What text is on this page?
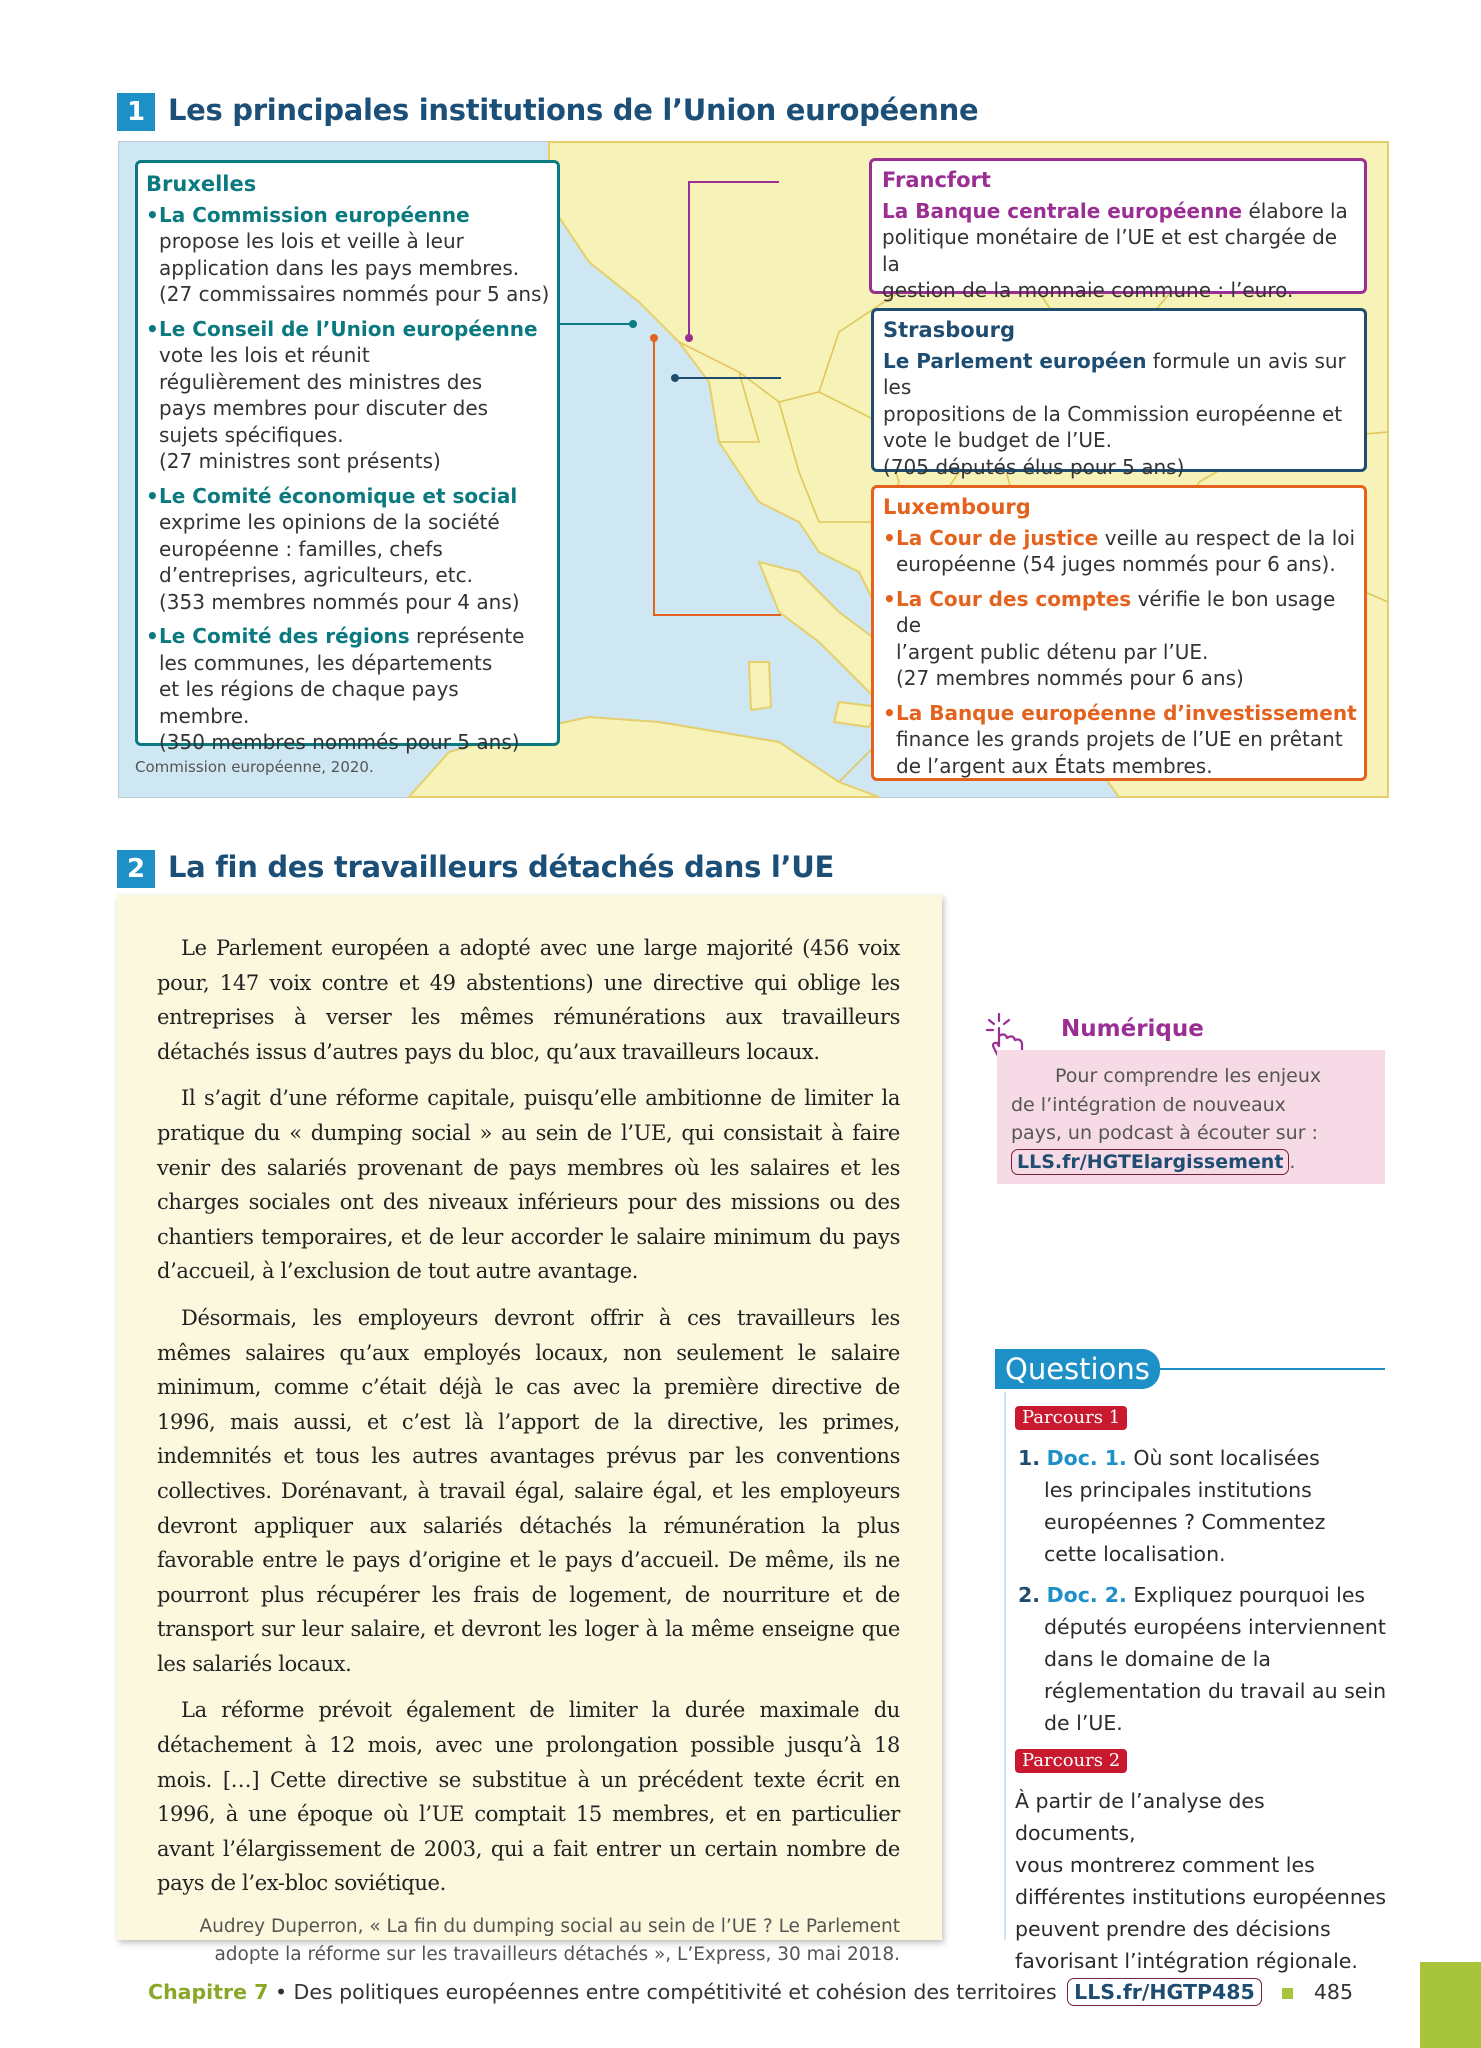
1 Les principales institutions de l’Union européenne
Bruxelles
• La Commission européenne

propose les lois et veille à leur

application dans les pays membres.

(27 commissaires nommés pour 5 ans)

• Le Conseil de l’Union européenne

vote les lois et réunit

régulièrement des ministres des

pays membres pour discuter des

sujets spécifiques.

(27 ministres sont présents)

• Le Comité économique et social

exprime les opinions de la société

européenne : familles, chefs

d’entreprises, agriculteurs, etc.

(353 membres nommés pour 4 ans)

• Le Comité des régions représente

les communes, les départements

et les régions de chaque pays membre.

(350 membres nommés pour 5 ans)

Francfort

La Banque centrale européenne élabore la

politique monétaire de l’UE et est chargée de la

gestion de la monnaie commune : l’euro.

Strasbourg

Le Parlement européen formule un avis sur les

propositions de la Commission européenne et

vote le budget de l’UE.

(705 députés élus pour 5 ans)

Luxembourg
• La Cour de justice veille au respect de la loi

européenne (54 juges nommés pour 6 ans).

• La Cour des comptes vérifie le bon usage de

l’argent public détenu par l’UE.

(27 membres nommés pour 6 ans)

• La Banque européenne d’investissement

finance les grands projets de l’UE en prêtant

de l’argent aux États membres.

Commission européenne, 2020.
2 La fin des travailleurs détachés dans l’UE

Le Parlement européen a adopté avec une large majorité (456 voix pour, 147 voix contre et 49 abstentions) une directive qui oblige les entreprises à verser les mêmes rémunérations aux travailleurs détachés issus d’autres pays du bloc, qu’aux travailleurs locaux.

Il s’agit d’une réforme capitale, puisqu’elle ambitionne de limiter la pratique du « dumping social » au sein de l’UE, qui consistait à faire venir des salariés provenant de pays membres où les salaires et les charges sociales ont des niveaux inférieurs pour des missions ou des chantiers temporaires, et de leur accorder le salaire minimum du pays d’accueil, à l’exclusion de tout autre avantage.

Désormais, les employeurs devront offrir à ces travailleurs les mêmes salaires qu’aux employés locaux, non seulement le salaire minimum, comme c’était déjà le cas avec la première directive de 1996, mais aussi, et c’est là l’apport de la directive, les primes, indemnités et tous les autres avantages prévus par les conventions collectives. Dorénavant, à travail égal, salaire égal, et les employeurs devront appliquer aux salariés détachés la rémunération la plus favorable entre le pays d’origine et le pays d’accueil. De même, ils ne pourront plus récupérer les frais de logement, de nourriture et de transport sur leur salaire, et devront les loger à la même enseigne que les salariés locaux.

La réforme prévoit également de limiter la durée maximale du détachement à 12 mois, avec une prolongation possible jusqu’à 18 mois. […] Cette directive se substitue à un précédent texte écrit en 1996, à une époque où l’UE comptait 15 membres, et en particulier avant l’élargissement de 2003, qui a fait entrer un certain nombre de pays de l’ex-bloc soviétique.

Audrey Duperron, « La fin du dumping social au sein de l’UE ? Le Parlement
adopte la réforme sur les travailleurs détachés », L’Express, 30 mai 2018.
Numérique
Pour comprendre les enjeux
de l’intégration de nouveaux
pays, un podcast à écouter sur :
LLS.fr/HGTElargissement .
Questions
Parcours 1
1. Doc. 1. Où sont localisées
les principales institutions
européennes ? Commentez
cette localisation.
2. Doc. 2. Expliquez pourquoi les
députés européens interviennent
dans le domaine de la
réglementation du travail au sein
de l’UE.
Parcours 2
À partir de l’analyse des documents,
vous montrerez comment les
différentes institutions européennes
peuvent prendre des décisions
favorisant l’intégration régionale.
Chapitre 7 • Des politiques européennes entre compétitivité et cohésion des territoires LLS.fr/HGTP485	485
